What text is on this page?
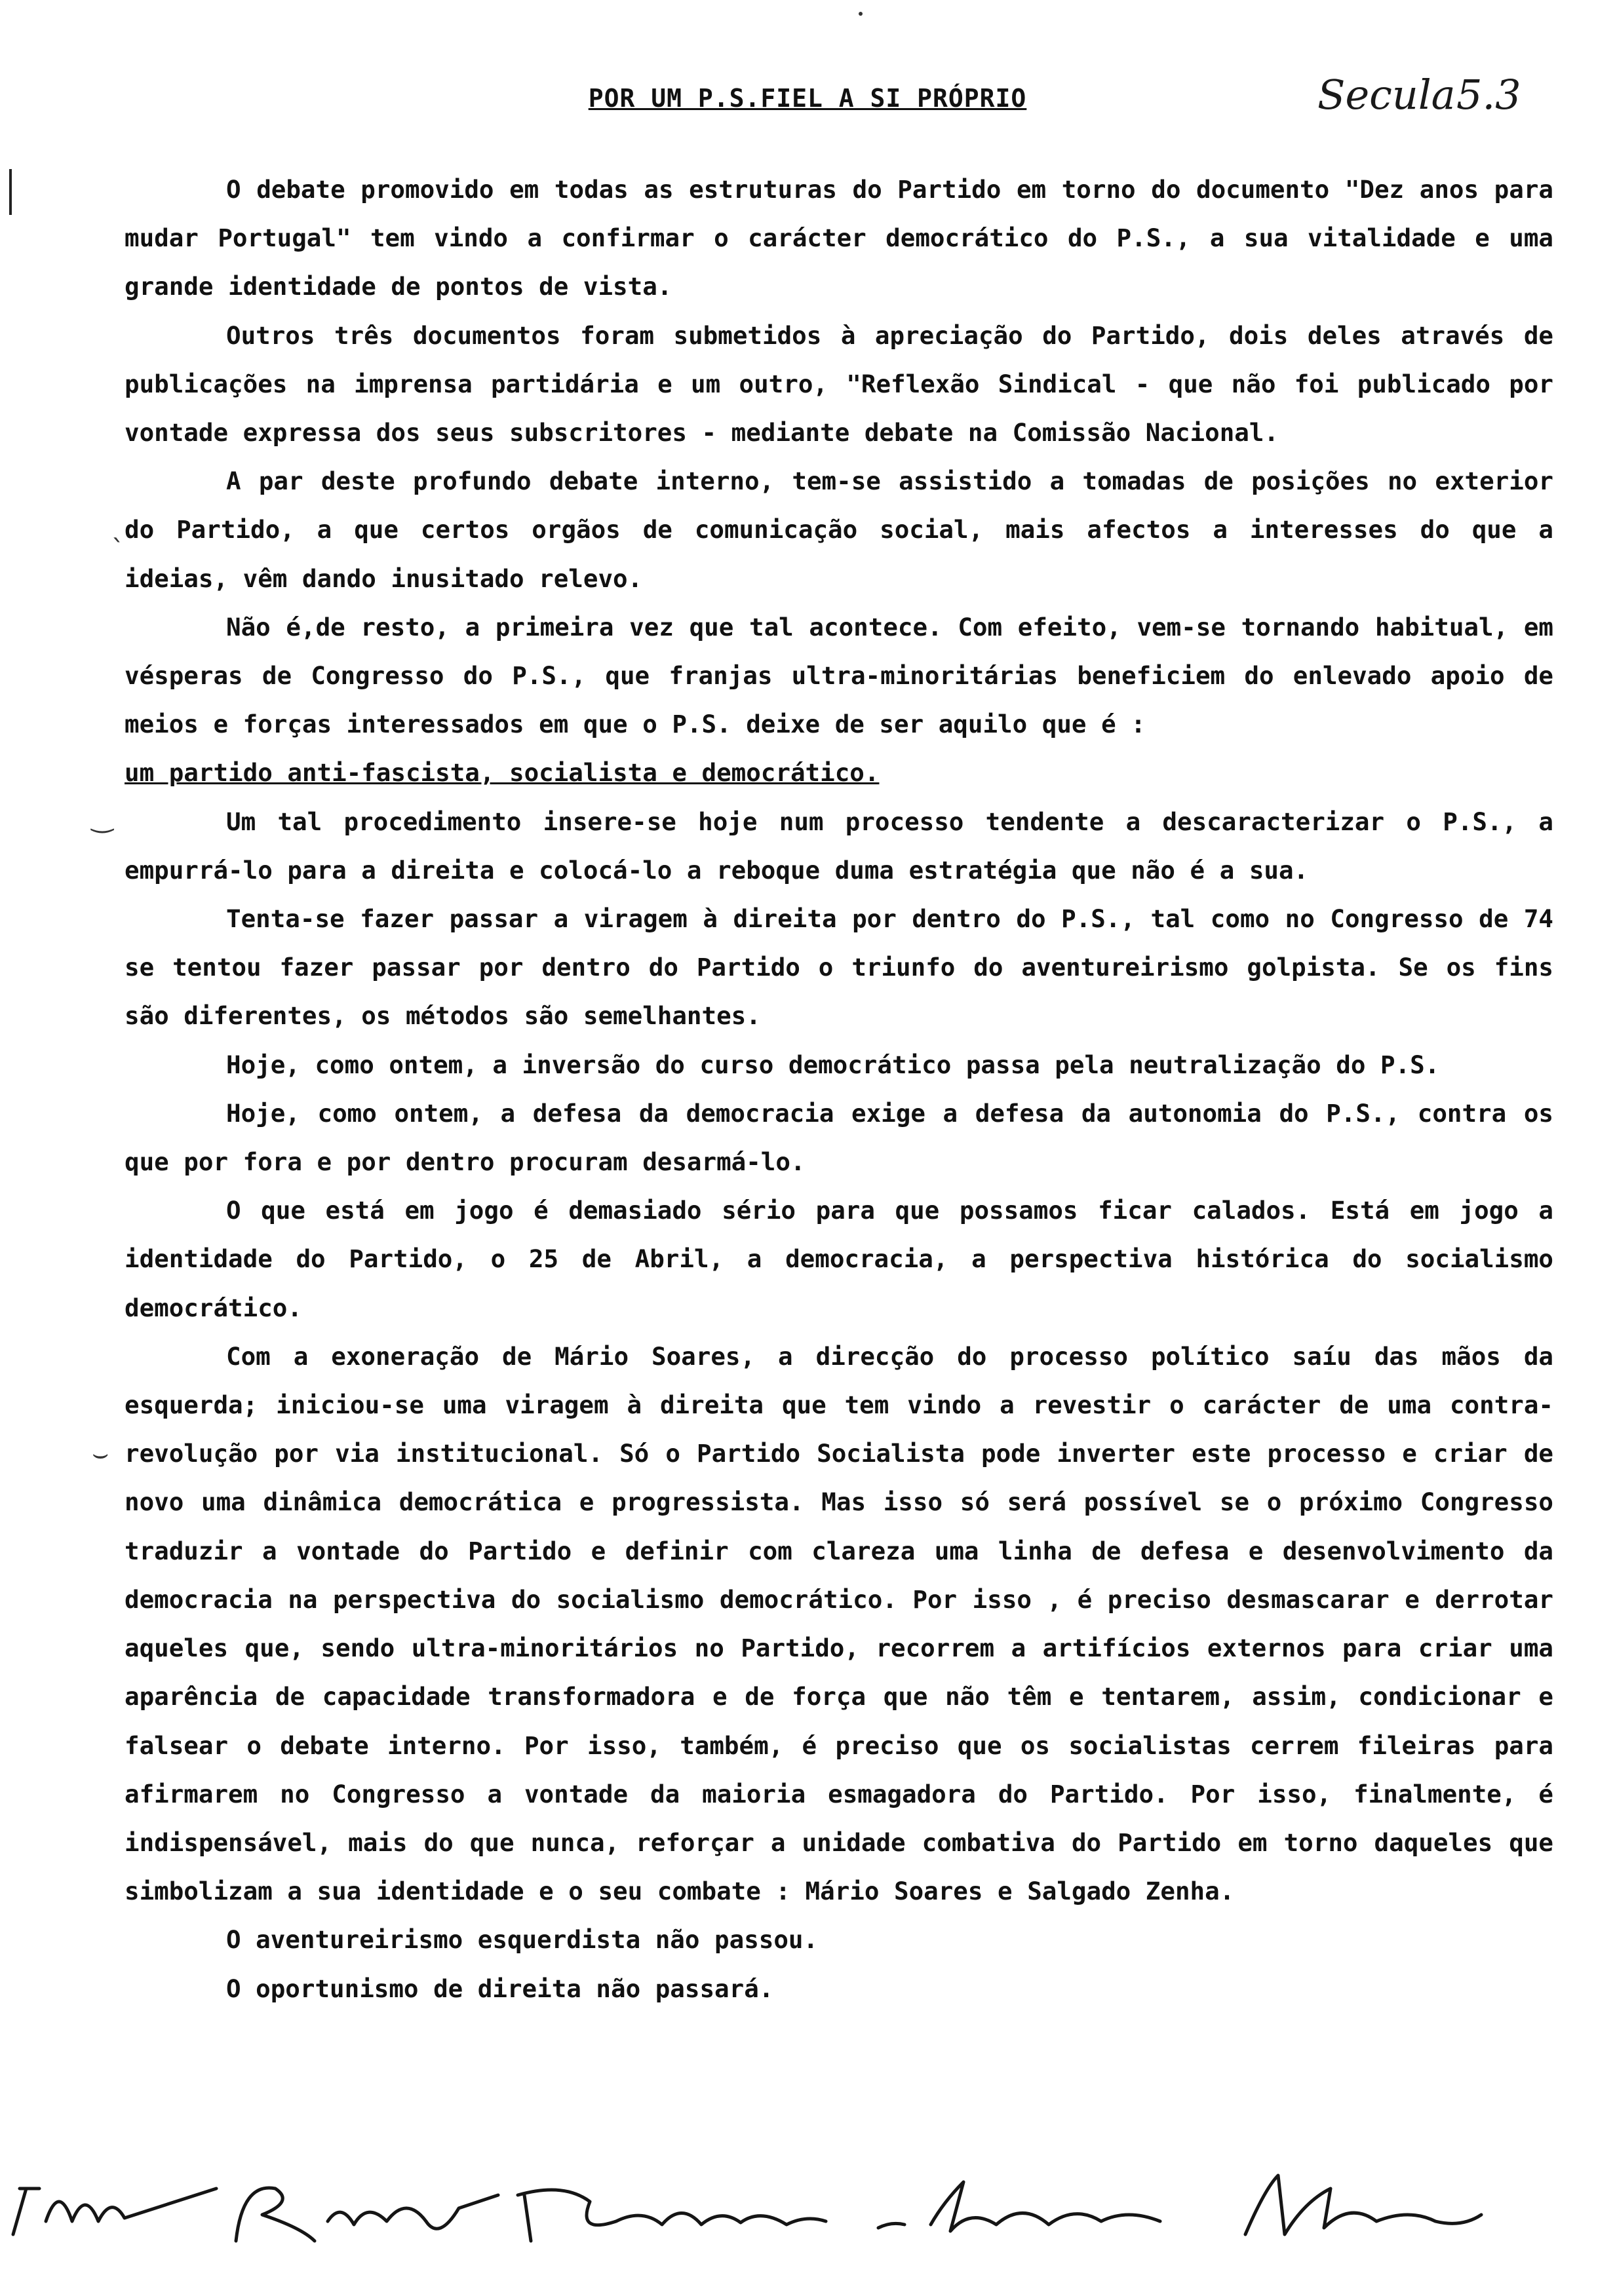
POR UM P.S.FIEL A SI PRÓPRIO	Secula 5.3
ˎ
‿
⌣

O debate promovido em todas as estruturas do Partido em torno do documento "Dez anos para mudar Portugal" tem vindo a confirmar o carácter democrático do P.S., a sua vitalidade e uma grande identidade de pontos de vista.

Outros três documentos foram submetidos à apreciação do Partido, dois deles através de publicações na imprensa partidária e um outro, "Reflexão Sindical - que não foi publicado por vontade expressa dos seus subscritores - mediante debate na Comissão Nacional.

A par deste profundo debate interno, tem-se assistido a tomadas de posições no exterior do Partido, a que certos orgãos de comunicação social, mais afectos a interesses do que a ideias, vêm dando inusitado relevo.

Não é,de resto, a primeira vez que tal acontece. Com efeito, vem-se tornando habitual, em vésperas de Congresso do P.S., que franjas ultra-minoritárias beneficiem do enlevado apoio de meios e forças interessados em que o P.S. deixe de ser aquilo que é :

um partido anti-fascista, socialista e democrático.

Um tal procedimento insere-se hoje num processo tendente a descaracterizar o P.S., a empurrá-lo para a direita e colocá-lo a reboque duma estratégia que não é a sua.

Tenta-se fazer passar a viragem à direita por dentro do P.S., tal como no Congresso de 74 se tentou fazer passar por dentro do Partido o triunfo do aventureirismo golpista. Se os fins são diferentes, os métodos são semelhantes.

Hoje, como ontem, a inversão do curso democrático passa pela neutralização do P.S.

Hoje, como ontem, a defesa da democracia exige a defesa da autonomia do P.S., contra os que por fora e por dentro procuram desarmá-lo.

O que está em jogo é demasiado sério para que possamos ficar calados. Está em jogo a identidade do Partido, o 25 de Abril, a democracia, a perspectiva histórica do socialismo democrático.

Com a exoneração de Mário Soares, a direcção do processo político saíu das mãos da esquerda; iniciou-se uma viragem à direita que tem vindo a revestir o carácter de uma contra-revolução por via institucional. Só o Partido Socialista pode inverter este processo e criar de novo uma dinâmica democrática e progressista. Mas isso só será possível se o próximo Congresso traduzir a vontade do Partido e definir com clareza uma linha de defesa e desenvolvimento da democracia na perspectiva do socialismo democrático. Por isso , é preciso desmascarar e derrotar aqueles que, sendo ultra-minoritários no Partido, recorrem a artifícios externos para criar uma aparência de capacidade transformadora e de força que não têm e tentarem, assim, condicionar e falsear o debate interno. Por isso, também, é preciso que os socialistas cerrem fileiras para afirmarem no Congresso a vontade da maioria esmagadora do Partido. Por isso, finalmente, é indispensável, mais do que nunca, reforçar a unidade combativa do Partido em torno daqueles que simbolizam a sua identidade e o seu combate : Mário Soares e Salgado Zenha.

O aventureirismo esquerdista não passou.

O oportunismo de direita não passará.
